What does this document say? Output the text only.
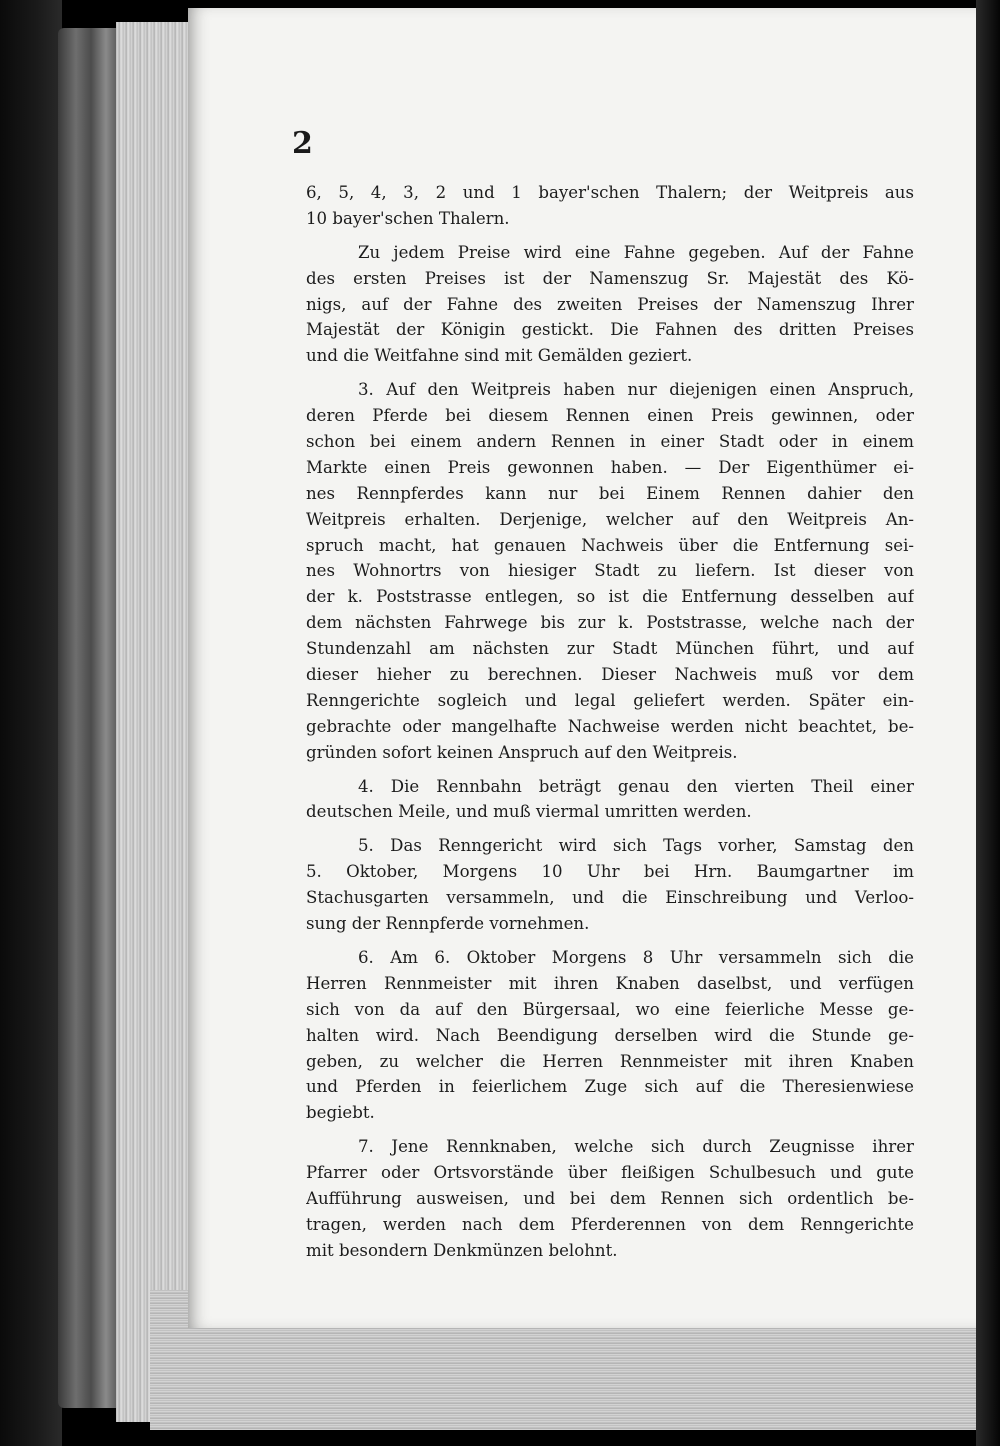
2
6, 5, 4, 3, 2 und 1 bayer'schen Thalern; der Weitpreis aus
10 bayer'schen Thalern.
Zu jedem Preise wird eine Fahne gegeben. Auf der Fahne
des ersten Preises ist der Namenszug Sr. Majestät des Kö-
nigs, auf der Fahne des zweiten Preises der Namenszug Ihrer
Majestät der Königin gestickt. Die Fahnen des dritten Preises
und die Weitfahne sind mit Gemälden geziert.
3. Auf den Weitpreis haben nur diejenigen einen Anspruch,
deren Pferde bei diesem Rennen einen Preis gewinnen, oder
schon bei einem andern Rennen in einer Stadt oder in einem
Markte einen Preis gewonnen haben. — Der Eigenthümer ei-
nes Rennpferdes kann nur bei Einem Rennen dahier den
Weitpreis erhalten. Derjenige, welcher auf den Weitpreis An-
spruch macht, hat genauen Nachweis über die Entfernung sei-
nes Wohnortrs von hiesiger Stadt zu liefern. Ist dieser von
der k. Poststrasse entlegen, so ist die Entfernung desselben auf
dem nächsten Fahrwege bis zur k. Poststrasse, welche nach der
Stundenzahl am nächsten zur Stadt München führt, und auf
dieser hieher zu berechnen. Dieser Nachweis muß vor dem
Renngerichte sogleich und legal geliefert werden. Später ein-
gebrachte oder mangelhafte Nachweise werden nicht beachtet, be-
gründen sofort keinen Anspruch auf den Weitpreis.
4. Die Rennbahn beträgt genau den vierten Theil einer
deutschen Meile, und muß viermal umritten werden.
5. Das Renngericht wird sich Tags vorher, Samstag den
5. Oktober, Morgens 10 Uhr bei Hrn. Baumgartner im
Stachusgarten versammeln, und die Einschreibung und Verloo-
sung der Rennpferde vornehmen.
6. Am 6. Oktober Morgens 8 Uhr versammeln sich die
Herren Rennmeister mit ihren Knaben daselbst, und verfügen
sich von da auf den Bürgersaal, wo eine feierliche Messe ge-
halten wird. Nach Beendigung derselben wird die Stunde ge-
geben, zu welcher die Herren Rennmeister mit ihren Knaben
und Pferden in feierlichem Zuge sich auf die Theresienwiese
begiebt.
7. Jene Rennknaben, welche sich durch Zeugnisse ihrer
Pfarrer oder Ortsvorstände über fleißigen Schulbesuch und gute
Aufführung ausweisen, und bei dem Rennen sich ordentlich be-
tragen, werden nach dem Pferderennen von dem Renngerichte
mit besondern Denkmünzen belohnt.
